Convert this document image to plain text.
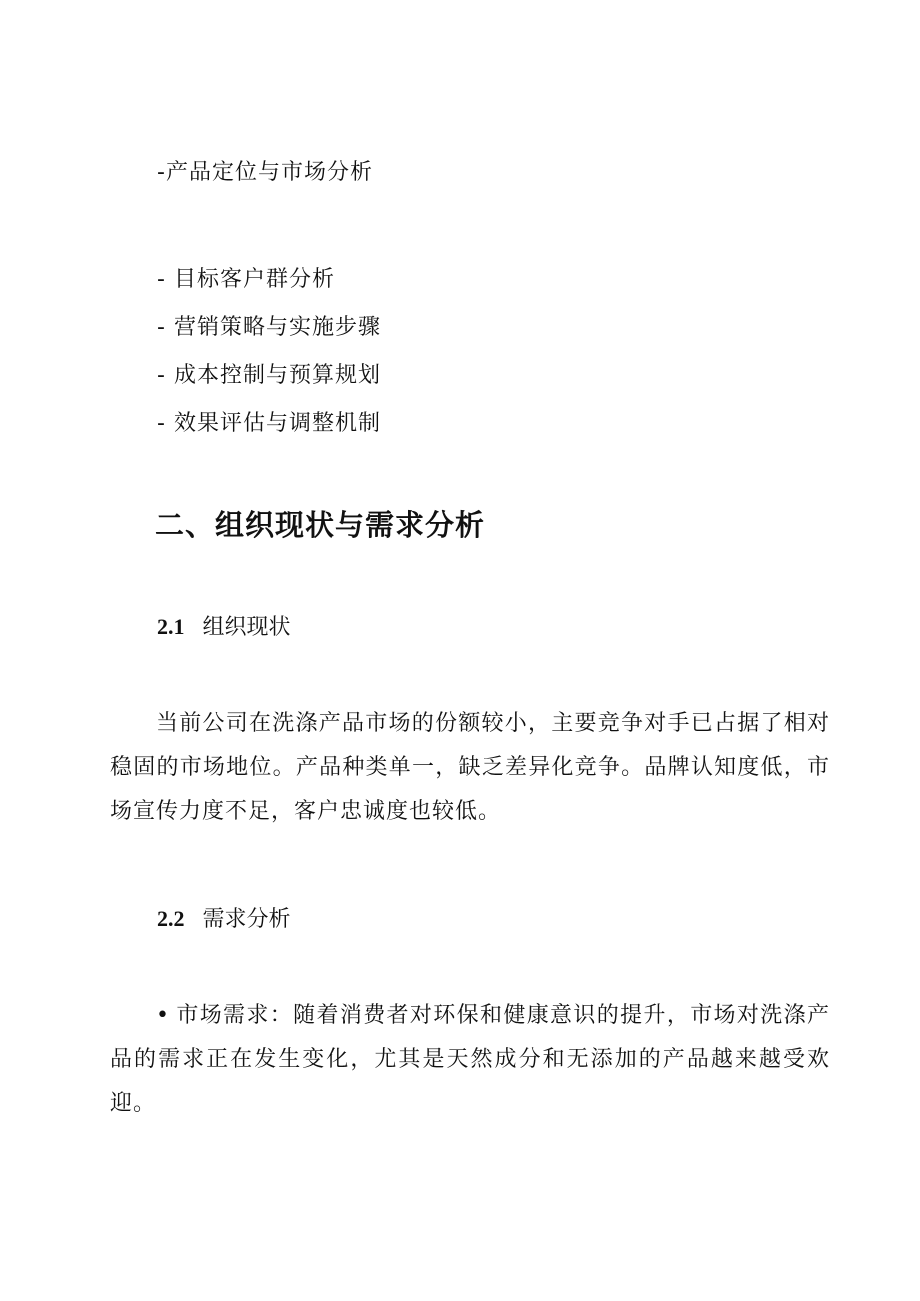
-产品定位与市场分析
- 目标客户群分析
- 营销策略与实施步骤
- 成本控制与预算规划
- 效果评估与调整机制
二、组织现状与需求分析
2.1 组织现状

当前公司在洗涤产品市场的份额较小，主要竞争对手已占据了相对稳固的市场地位。产品种类单一，缺乏差异化竞争。品牌认知度低，市场宣传力度不足，客户忠诚度也较低。

2.2 需求分析

• 市场需求：随着消费者对环保和健康意识的提升，市场对洗涤产品的需求正在发生变化，尤其是天然成分和无添加的产品越来越受欢迎。
